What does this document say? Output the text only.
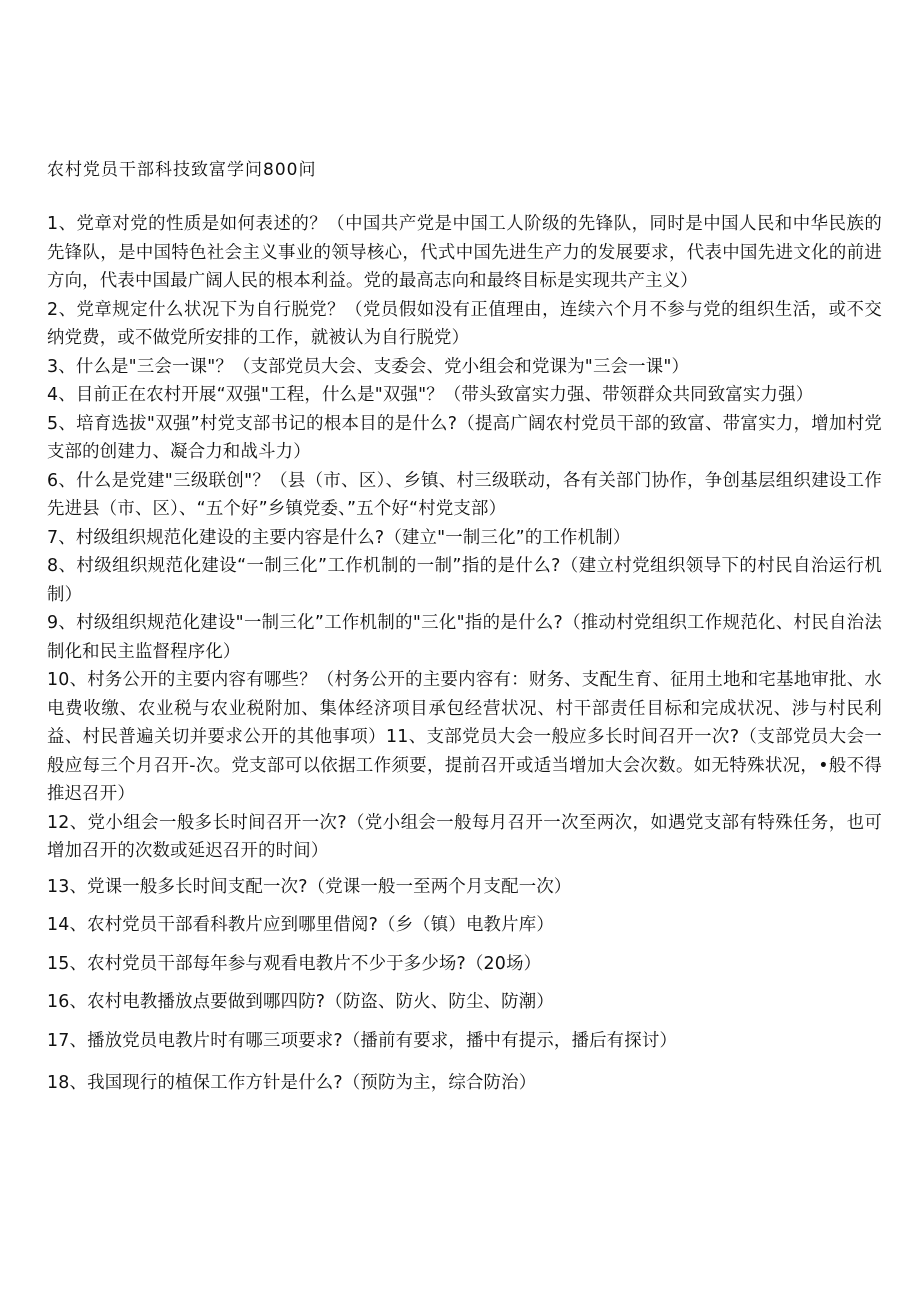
农村党员干部科技致富学问800问

1、党章对党的性质是如何表述的？（中国共产党是中国工人阶级的先锋队，同时是中国人民和中华民族的先锋队，是中国特色社会主义事业的领导核心，代式中国先进生产力的发展要求，代表中国先进文化的前进方向，代表中国最广阔人民的根本利益。党的最高志向和最终目标是实现共产主义）

2、党章规定什么状况下为自行脱党？（党员假如没有正值理由，连续六个月不参与党的组织生活，或不交纳党费，或不做党所安排的工作，就被认为自行脱党）

3、什么是"三会一课"？（支部党员大会、支委会、党小组会和党课为"三会一课"）

4、目前正在农村开展“双强"工程，什么是"双强"？（带头致富实力强、带领群众共同致富实力强）

5、培育选拔"双强”村党支部书记的根本目的是什么?（提高广阔农村党员干部的致富、带富实力，增加村党支部的创建力、凝合力和战斗力）

6、什么是党建"三级联创"？（县（市、区）、乡镇、村三级联动，各有关部门协作，争创基层组织建设工作先进县（市、区）、“五个好”乡镇党委、”五个好“村党支部）

7、村级组织规范化建设的主要内容是什么?（建立"一制三化”的工作机制）

8、村级组织规范化建设“一制三化”工作机制的一制”指的是什么?（建立村党组织领导下的村民自治运行机制）

9、村级组织规范化建设"一制三化”工作机制的"三化"指的是什么?（推动村党组织工作规范化、村民自治法制化和民主监督程序化）

10、村务公开的主要内容有哪些？（村务公开的主要内容有：财务、支配生育、征用土地和宅基地审批、水电费收缴、农业税与农业税附加、集体经济项目承包经营状况、村干部责任目标和完成状况、涉与村民利益、村民普遍关切并要求公开的其他事项）11、支部党员大会一般应多长时间召开一次?（支部党员大会一般应每三个月召开-次。党支部可以依据工作须要，提前召开或适当增加大会次数。如无特殊状况，•般不得推迟召开）

12、党小组会一般多长时间召开一次?（党小组会一般每月召开一次至两次，如遇党支部有特殊任务，也可增加召开的次数或延迟召开的时间）

13、党课一般多长时间支配一次?（党课一般一至两个月支配一次）

14、农村党员干部看科教片应到哪里借阅?（乡（镇）电教片库）

15、农村党员干部每年参与观看电教片不少于多少场?（20场）

16、农村电教播放点要做到哪四防?（防盗、防火、防尘、防潮）

17、播放党员电教片时有哪三项要求?（播前有要求，播中有提示，播后有探讨）

18、我国现行的植保工作方针是什么?（预防为主，综合防治）
